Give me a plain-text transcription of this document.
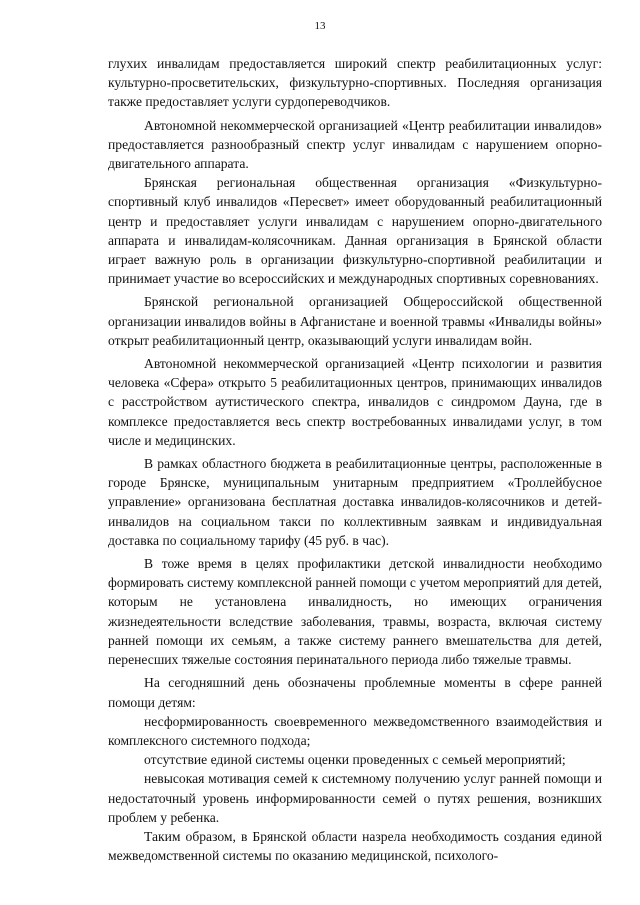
13

глухих инвалидам предоставляется широкий спектр реабилитационных услуг: культурно-просветительских, физкультурно-спортивных. Последняя организация также предоставляет услуги сурдопереводчиков.

Автономной некоммерческой организацией «Центр реабилитации инвалидов» предоставляется разнообразный спектр услуг инвалидам с нарушением опорно-двигательного аппарата.

Брянская региональная общественная организация «Физкультурно-спортивный клуб инвалидов «Пересвет» имеет оборудованный реабилитационный центр и предоставляет услуги инвалидам с нарушением опорно-двигательного аппарата и инвалидам-колясочникам. Данная организация в Брянской области играет важную роль в организации физкультурно-спортивной реабилитации и принимает участие во всероссийских и международных спортивных соревнованиях.

Брянской региональной организацией Общероссийской общественной организации инвалидов войны в Афганистане и военной травмы «Инвалиды войны» открыт реабилитационный центр, оказывающий услуги инвалидам войн.

Автономной некоммерческой организацией «Центр психологии и развития человека «Сфера» открыто 5 реабилитационных центров, принимающих инвалидов с расстройством аутистического спектра, инвалидов с синдромом Дауна, где в комплексе предоставляется весь спектр востребованных инвалидами услуг, в том числе и медицинских.

В рамках областного бюджета в реабилитационные центры, расположенные в городе Брянске, муниципальным унитарным предприятием «Троллейбусное управление» организована бесплатная доставка инвалидов-колясочников и детей-инвалидов на социальном такси по коллективным заявкам и индивидуальная доставка по социальному тарифу (45 руб. в час).

В тоже время в целях профилактики детской инвалидности необходимо формировать систему комплексной ранней помощи с учетом мероприятий для детей, которым не установлена инвалидность, но имеющих ограничения жизнедеятельности вследствие заболевания, травмы, возраста, включая систему ранней помощи их семьям, а также систему раннего вмешательства для детей, перенесших тяжелые состояния перинатального периода либо тяжелые травмы.

На сегодняшний день обозначены проблемные моменты в сфере ранней помощи детям:

несформированность своевременного межведомственного взаимодействия и комплексного системного подхода;

отсутствие единой системы оценки проведенных с семьей мероприятий;

невысокая мотивация семей к системному получению услуг ранней помощи и недостаточный уровень информированности семей о путях решения, возникших проблем у ребенка.

Таким образом, в Брянской области назрела необходимость создания единой межведомственной системы по оказанию медицинской, психолого-
